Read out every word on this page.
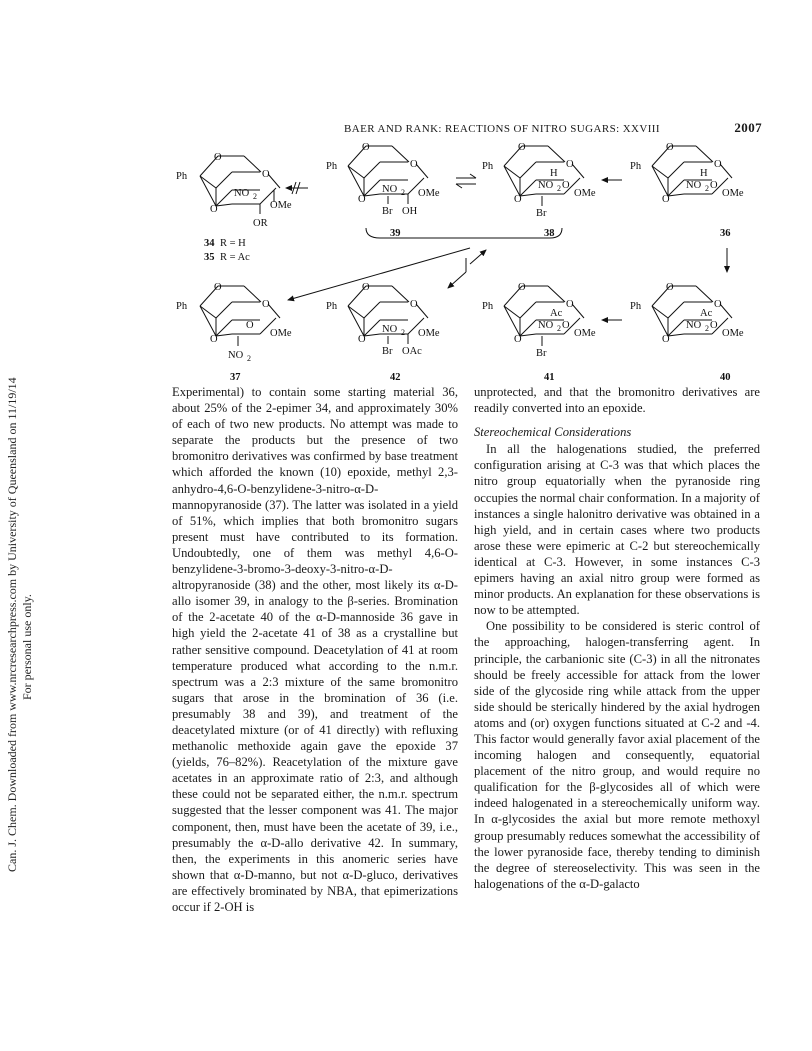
Can. J. Chem. Downloaded from www.nrcresearchpress.com by University of Queensland on 11/19/14 For personal use only.
BAER AND RANK: REACTIONS OF NITRO SUGARS: XXVIII	2007
Ph
O
O
NO 2
OMe
O
OR
34 R = H
35 R = Ac
Ph
O
O
NO 2 OMe
O
Br OH
39
Ph
O
O
H
NO 2 O
OMe
O
Br
38
Ph
O
O
H
NO 2 O
OMe
O
36
Ph
O
O
O
OMe
O
NO 2
37
Ph
O
O
NO 2 OMe
O
Br OAc
42
Ph
O
O
Ac
NO 2 O
OMe
O
Br
41
Ph
O
O
Ac
NO 2 O
OMe
O
40

Experimental) to contain some starting material 36, about 25% of the 2-epimer 34, and approximately 30% of each of two new products. No attempt was made to separate the products but the presence of two bromonitro derivatives was confirmed by base treatment which afforded the known (10) epoxide, methyl 2,3-anhydro-4,6-O-benzylidene-3-nitro-α-D-mannopyranoside (37). The latter was isolated in a yield of 51%, which implies that both bromonitro sugars present must have contributed to its formation. Undoubtedly, one of them was methyl 4,6-O-benzylidene-3-bromo-3-deoxy-3-nitro-α-D-altropyranoside (38) and the other, most likely its α-D-allo isomer 39, in analogy to the β-series. Bromination of the 2-acetate 40 of the α-D-mannoside 36 gave in high yield the 2-acetate 41 of 38 as a crystalline but rather sensitive compound. Deacetylation of 41 at room temperature produced what according to the n.m.r. spectrum was a 2:3 mixture of the same bromonitro sugars that arose in the bromination of 36 (i.e. presumably 38 and 39), and treatment of the deacetylated mixture (or of 41 directly) with refluxing methanolic methoxide again gave the epoxide 37 (yields, 76–82%). Reacetylation of the mixture gave acetates in an approximate ratio of 2:3, and although these could not be separated either, the n.m.r. spectrum suggested that the lesser component was 41. The major component, then, must have been the acetate of 39, i.e., presumably the α-D-allo derivative 42. In summary, then, the experiments in this anomeric series have shown that α-D-manno, but not α-D-gluco, derivatives are effectively brominated by NBA, that epimerizations occur if 2-OH is

unprotected, and that the bromonitro derivatives are readily converted into an epoxide.

Stereochemical Considerations

In all the halogenations studied, the preferred configuration arising at C-3 was that which places the nitro group equatorially when the pyranoside ring occupies the normal chair conformation. In a majority of instances a single halonitro derivative was obtained in a high yield, and in certain cases where two products arose these were epimeric at C-2 but stereochemically identical at C-3. However, in some instances C-3 epimers having an axial nitro group were formed as minor products. An explanation for these observations is now to be attempted.

One possibility to be considered is steric control of the approaching, halogen-transferring agent. In principle, the carbanionic site (C-3) in all the nitronates should be freely accessible for attack from the lower side of the glycoside ring while attack from the upper side should be sterically hindered by the axial hydrogen atoms and (or) oxygen functions situated at C-2 and -4. This factor would generally favor axial placement of the incoming halogen and consequently, equatorial placement of the nitro group, and would require no qualification for the β-glycosides all of which were indeed halogenated in a stereochemically uniform way. In α-glycosides the axial but more remote methoxyl group presumably reduces somewhat the accessibility of the lower pyranoside face, thereby tending to diminish the degree of stereoselectivity. This was seen in the halogenations of the α-D-galacto
